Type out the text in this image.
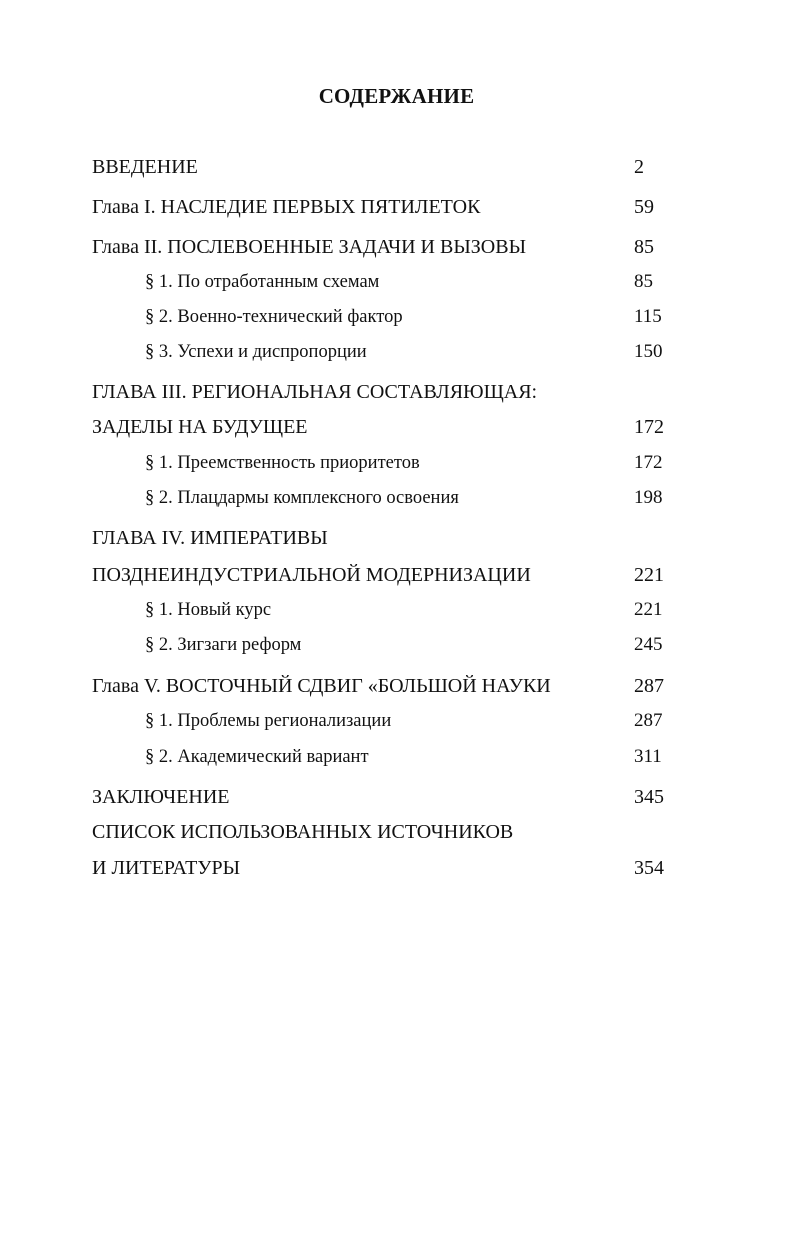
СОДЕРЖАНИЕ
ВВЕДЕНИЕ	2
Глава I. НАСЛЕДИЕ ПЕРВЫХ ПЯТИЛЕТОК	59
Глава II. ПОСЛЕВОЕННЫЕ ЗАДАЧИ И ВЫЗОВЫ	85
§ 1. По отработанным схемам	85
§ 2. Военно-технический фактор	115
§ 3. Успехи и диспропорции	150
ГЛАВА III. РЕГИОНАЛЬНАЯ СОСТАВЛЯЮЩАЯ:
ЗАДЕЛЫ НА БУДУЩЕЕ	172
§ 1. Преемственность приоритетов	172
§ 2. Плацдармы комплексного освоения	198
ГЛАВА IV. ИМПЕРАТИВЫ
ПОЗДНЕИНДУСТРИАЛЬНОЙ МОДЕРНИЗАЦИИ	221
§ 1. Новый курс	221
§ 2. Зигзаги реформ	245
Глава V. ВОСТОЧНЫЙ СДВИГ «БОЛЬШОЙ НАУКИ	287
§ 1. Проблемы регионализации	287
§ 2. Академический вариант	311
ЗАКЛЮЧЕНИЕ	345
СПИСОК ИСПОЛЬЗОВАННЫХ ИСТОЧНИКОВ
И ЛИТЕРАТУРЫ	354
